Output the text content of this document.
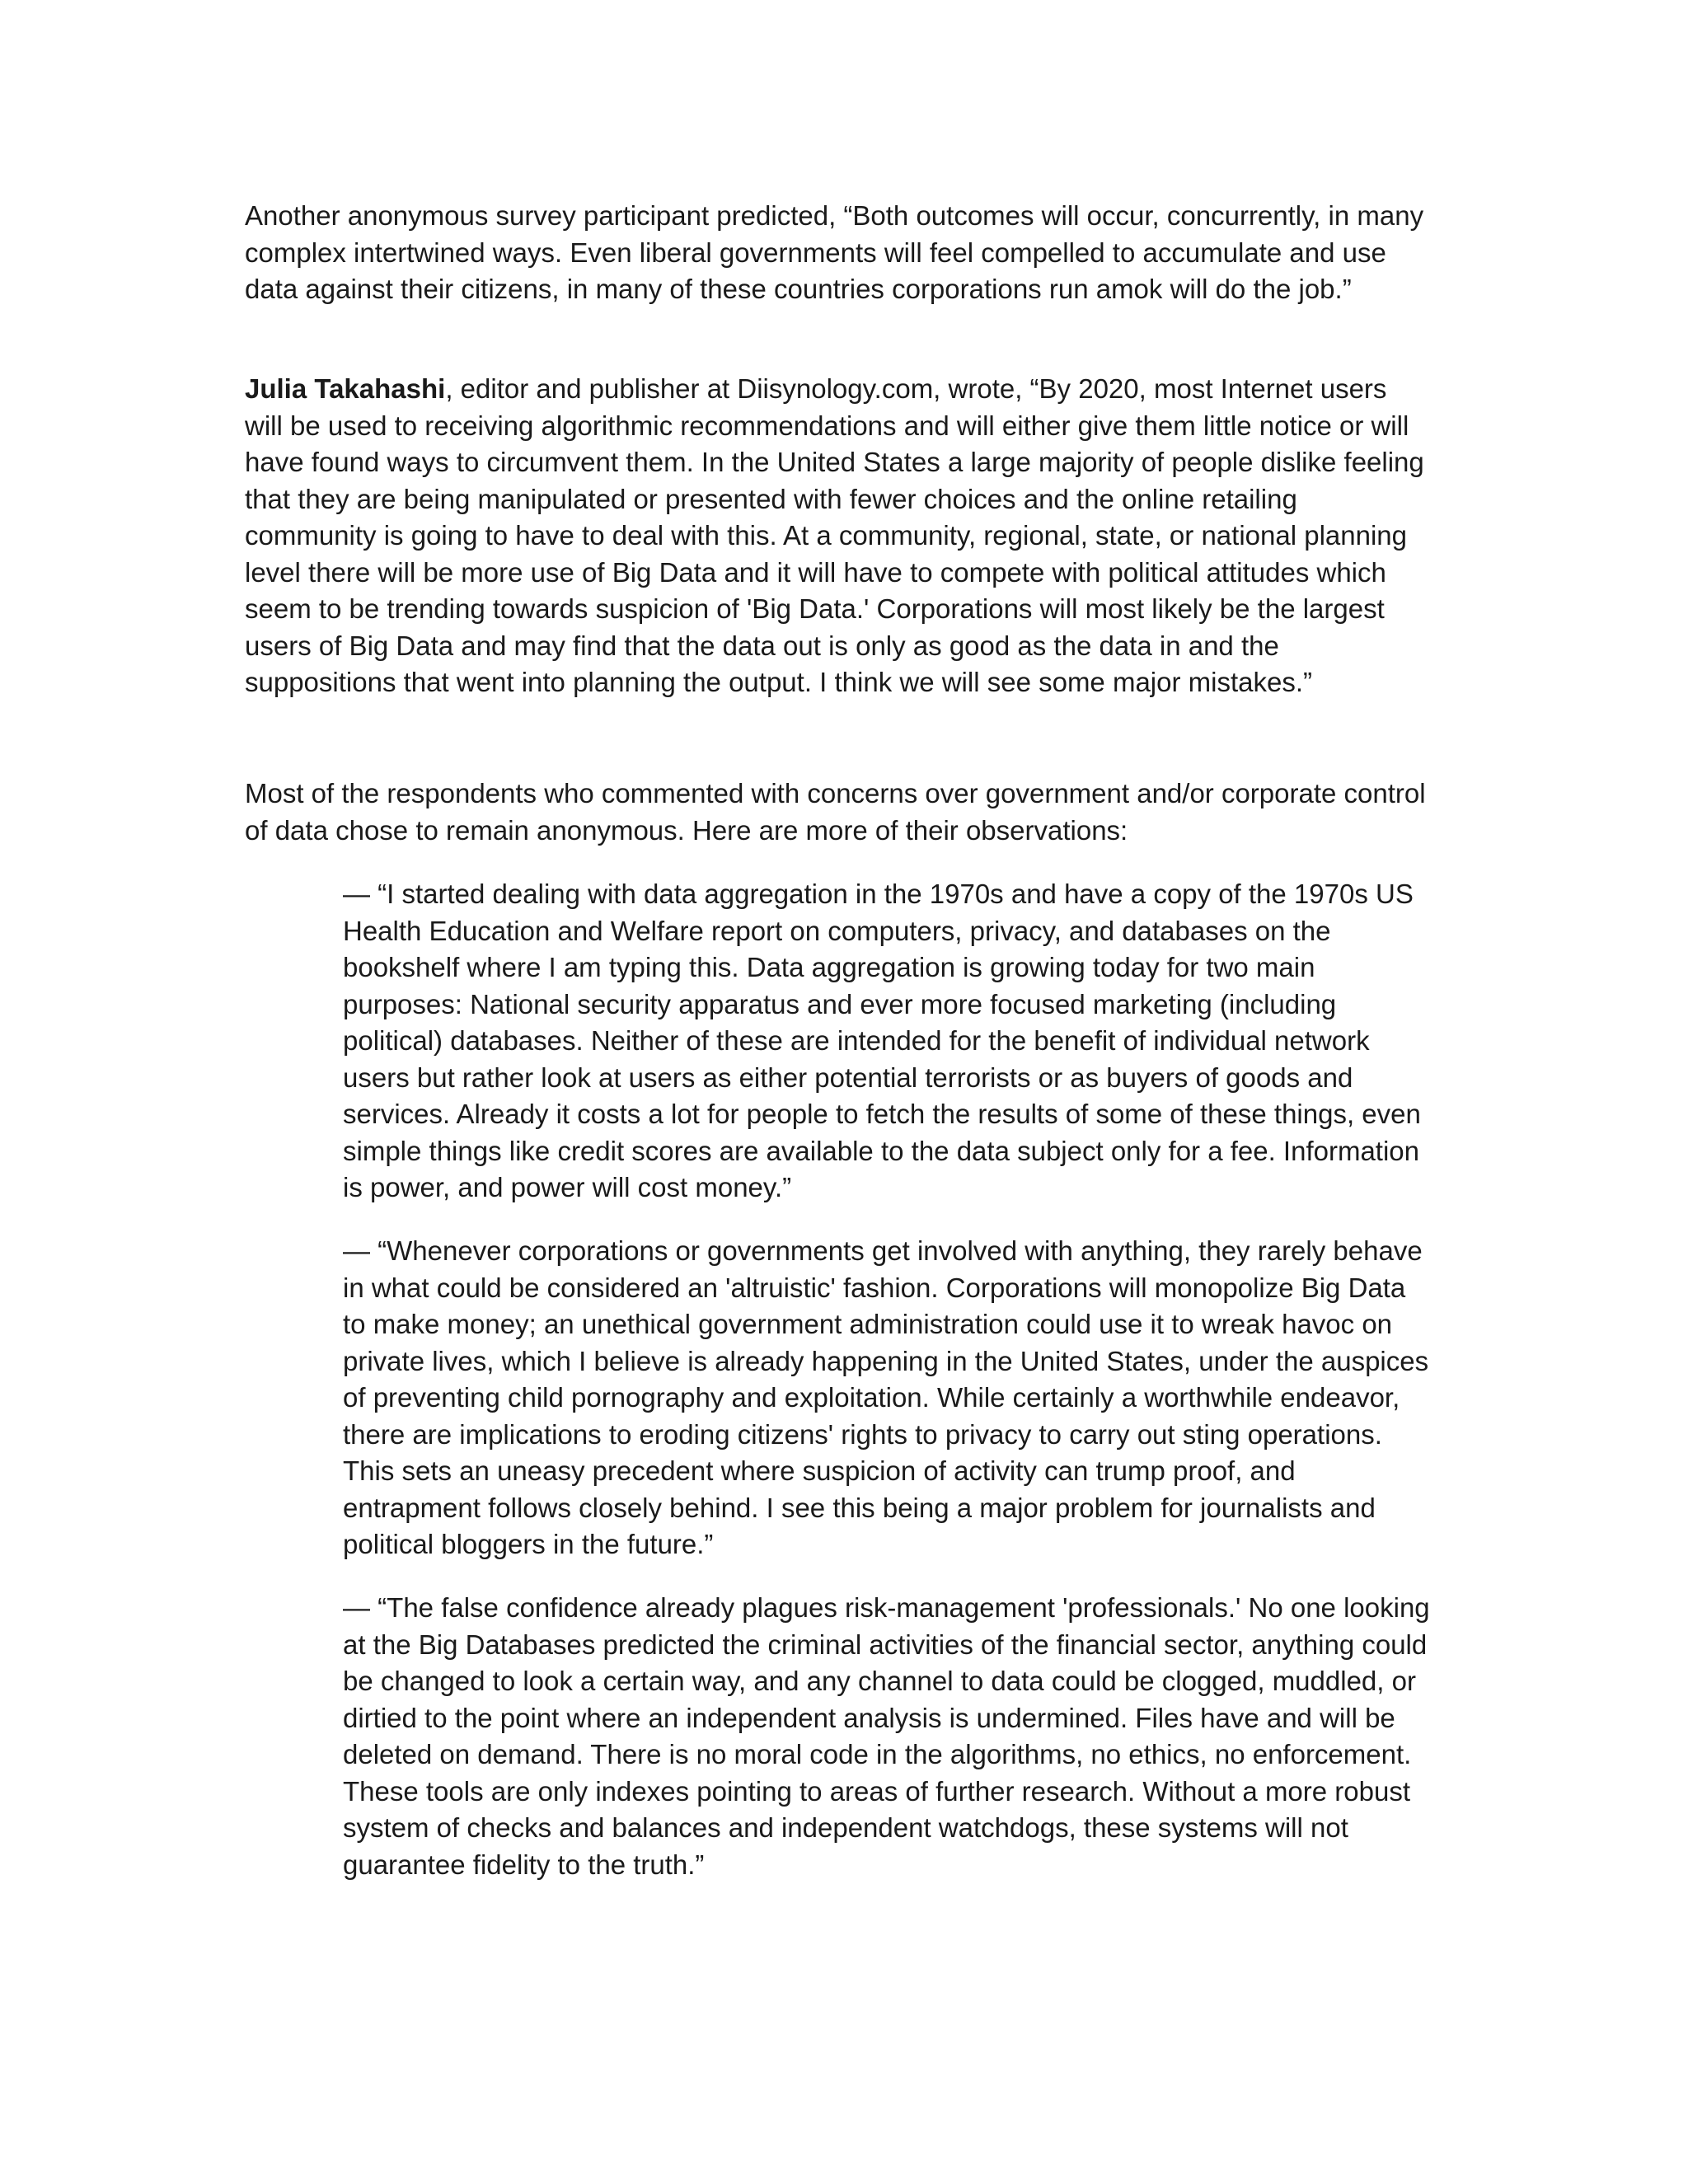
Another anonymous survey participant predicted, “Both outcomes will occur, concurrently, in many complex intertwined ways. Even liberal governments will feel compelled to accumulate and use data against their citizens, in many of these countries corporations run amok will do the job.”

Julia Takahashi, editor and publisher at Diisynology.com, wrote, “By 2020, most Internet users will be used to receiving algorithmic recommendations and will either give them little notice or will have found ways to circumvent them. In the United States a large majority of people dislike feeling that they are being manipulated or presented with fewer choices and the online retailing community is going to have to deal with this. At a community, regional, state, or national planning level there will be more use of Big Data and it will have to compete with political attitudes which seem to be trending towards suspicion of 'Big Data.' Corporations will most likely be the largest users of Big Data and may find that the data out is only as good as the data in and the suppositions that went into planning the output. I think we will see some major mistakes.”

Most of the respondents who commented with concerns over government and/or corporate control of data chose to remain anonymous. Here are more of their observations:

— “I started dealing with data aggregation in the 1970s and have a copy of the 1970s US Health Education and Welfare report on computers, privacy, and databases on the bookshelf where I am typing this. Data aggregation is growing today for two main purposes: National security apparatus and ever more focused marketing (including political) databases. Neither of these are intended for the benefit of individual network users but rather look at users as either potential terrorists or as buyers of goods and services. Already it costs a lot for people to fetch the results of some of these things, even simple things like credit scores are available to the data subject only for a fee. Information is power, and power will cost money.”

— “Whenever corporations or governments get involved with anything, they rarely behave in what could be considered an 'altruistic' fashion. Corporations will monopolize Big Data to make money; an unethical government administration could use it to wreak havoc on private lives, which I believe is already happening in the United States, under the auspices of preventing child pornography and exploitation. While certainly a worthwhile endeavor, there are implications to eroding citizens' rights to privacy to carry out sting operations. This sets an uneasy precedent where suspicion of activity can trump proof, and entrapment follows closely behind. I see this being a major problem for journalists and political bloggers in the future.”

— “The false confidence already plagues risk-management 'professionals.' No one looking at the Big Databases predicted the criminal activities of the financial sector, anything could be changed to look a certain way, and any channel to data could be clogged, muddled, or dirtied to the point where an independent analysis is undermined. Files have and will be deleted on demand. There is no moral code in the algorithms, no ethics, no enforcement. These tools are only indexes pointing to areas of further research. Without a more robust system of checks and balances and independent watchdogs, these systems will not guarantee fidelity to the truth.”
